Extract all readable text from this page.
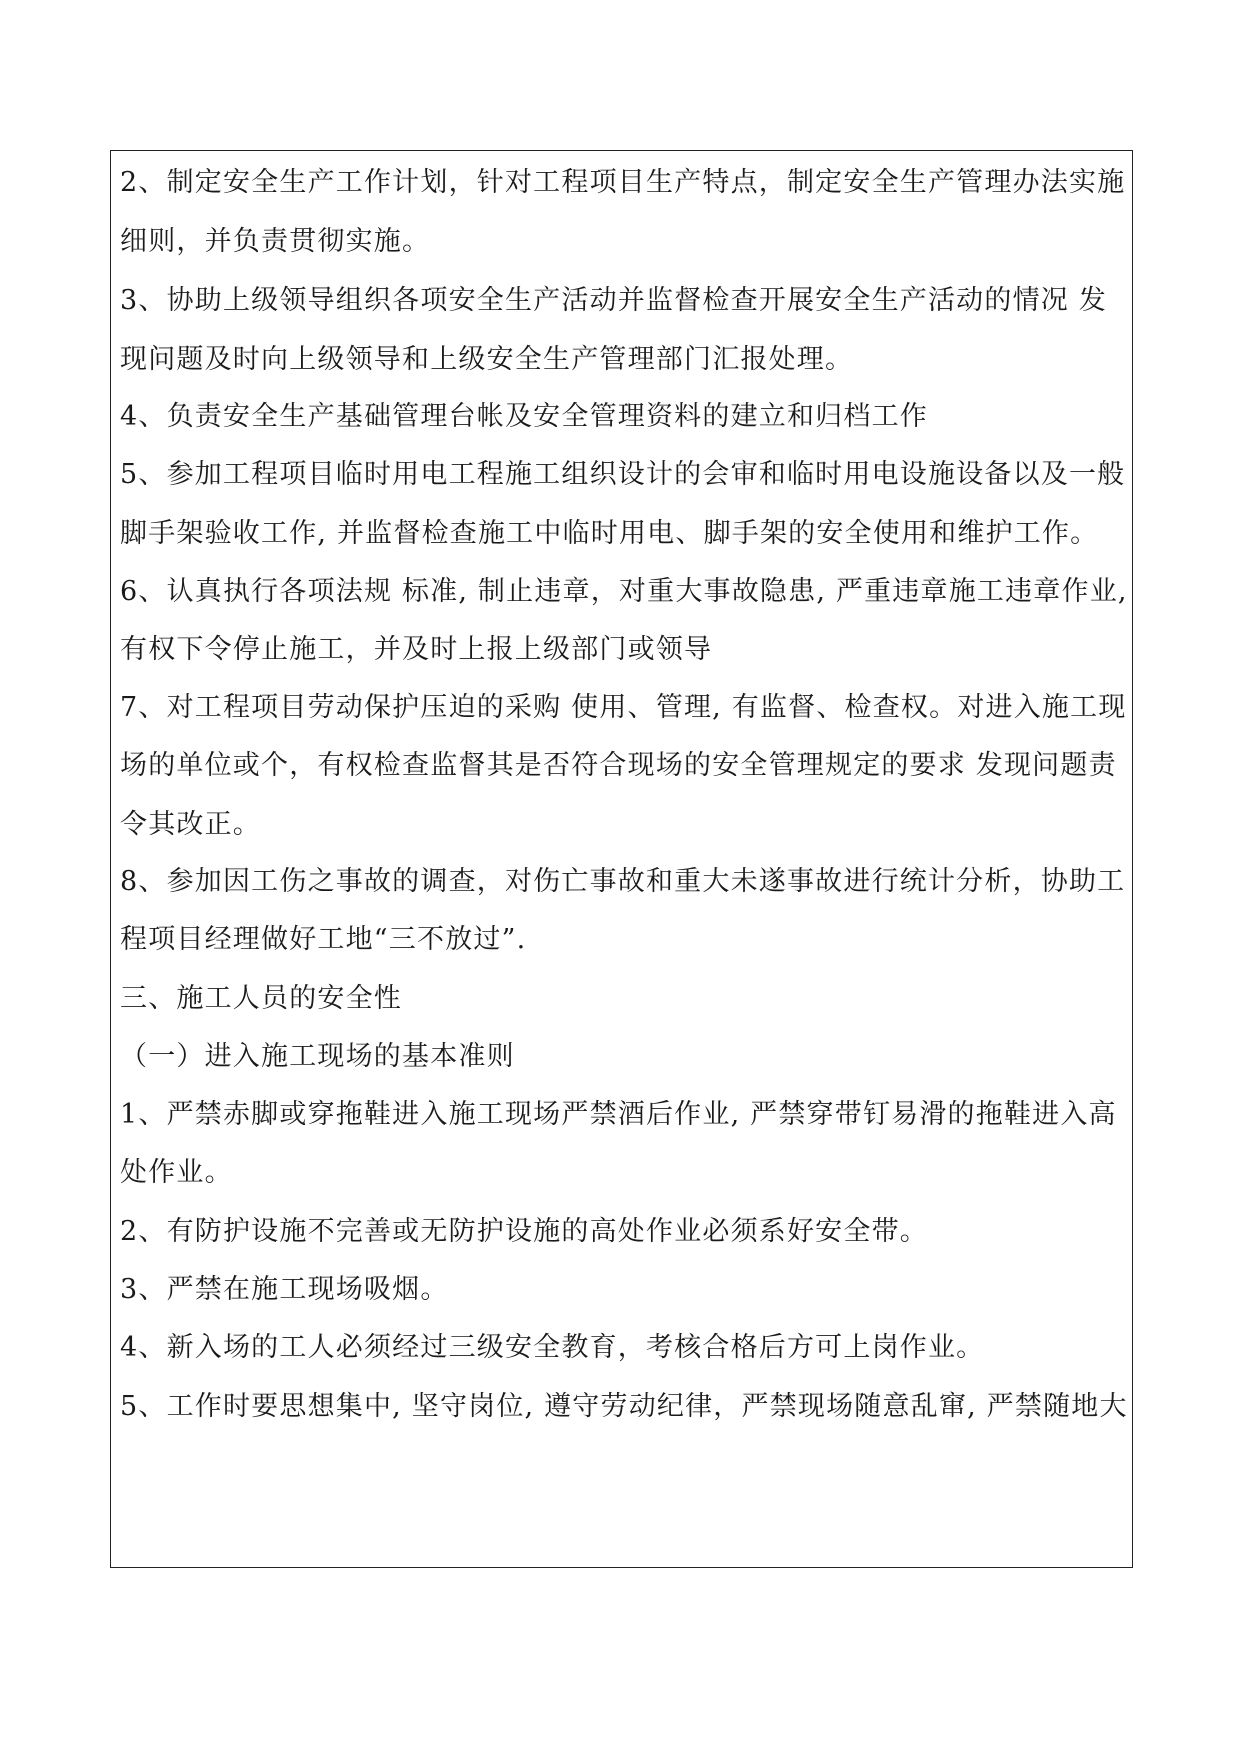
2、制定安全生产工作计划，针对工程项目生产特点，制定安全生产管理办法实施
细则，并负责贯彻实施。
3、协助上级领导组织各项安全生产活动并监督检查开展安全生产活动的情况 发
现问题及时向上级领导和上级安全生产管理部门汇报处理。
4、负责安全生产基础管理台帐及安全管理资料的建立和归档工作
5、参加工程项目临时用电工程施工组织设计的会审和临时用电设施设备以及一般
脚手架验收工作, 并监督检查施工中临时用电、脚手架的安全使用和维护工作。
6、认真执行各项法规 标准, 制止违章，对重大事故隐患, 严重违章施工违章作业,
有权下令停止施工，并及时上报上级部门或领导
7、对工程项目劳动保护压迫的采购 使用、管理, 有监督、检查权。对进入施工现
场的单位或个，有权检查监督其是否符合现场的安全管理规定的要求 发现问题责
令其改正。
8、参加因工伤之事故的调查，对伤亡事故和重大未遂事故进行统计分析，协助工
程项目经理做好工地“三不放过”.
三、施工人员的安全性
（一）进入施工现场的基本准则
1、严禁赤脚或穿拖鞋进入施工现场严禁酒后作业, 严禁穿带钉易滑的拖鞋进入高
处作业。
2、有防护设施不完善或无防护设施的高处作业必须系好安全带。
3、严禁在施工现场吸烟。
4、新入场的工人必须经过三级安全教育，考核合格后方可上岗作业。
5、工作时要思想集中, 坚守岗位, 遵守劳动纪律，严禁现场随意乱窜, 严禁随地大
